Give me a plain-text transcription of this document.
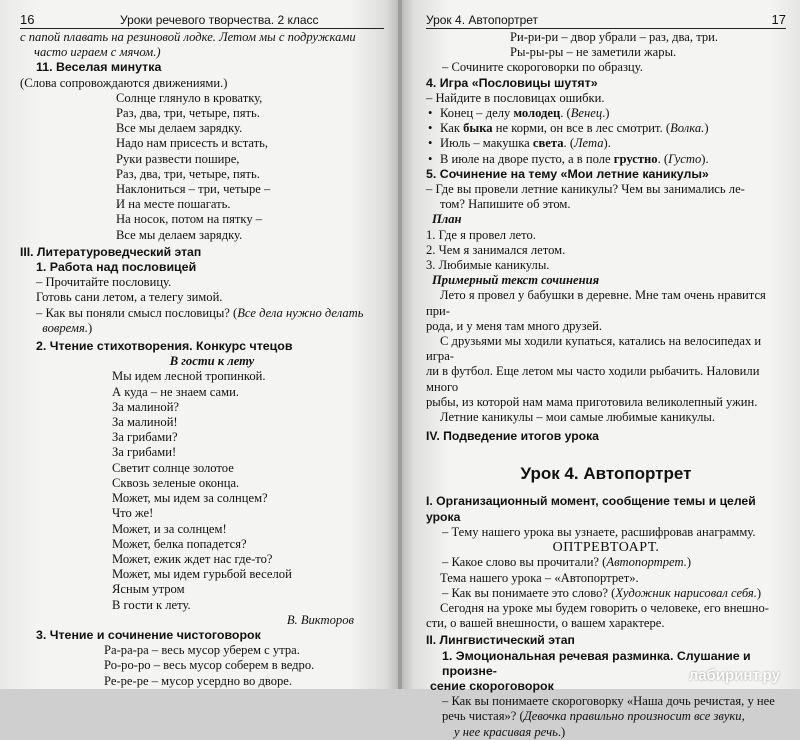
16	Уроки речевого творчества. 2 класс

с папой плавать на резиновой лодке. Летом мы с подружками

часто играем с мячом.)

11. Веселая минутка

(Слова сопровождаются движениями.)

Солнце глянуло в кроватку,

Раз, два, три, четыре, пять.

Все мы делаем зарядку.

Надо нам присесть и встать,

Руки развести пошире,

Раз, два, три, четыре, пять.

Наклониться – три, четыре –

И на месте пошагать.

На носок, потом на пятку –

Все мы делаем зарядку.

III. Литературоведческий этап

1. Работа над пословицей

– Прочитайте пословицу.

Готовь сани летом, а телегу зимой.

– Как вы поняли смысл пословицы? (Все дела нужно делать

вовремя.)

2. Чтение стихотворения. Конкурс чтецов

В гости к лету

Мы идем лесной тропинкой.

А куда – не знаем сами.

За малиной?

За малиной!

За грибами?

За грибами!

Светит солнце золотое

Сквозь зеленые оконца.

Может, мы идем за солнцем?

Что же!

Может, и за солнцем!

Может, белка попадется?

Может, ежик ждет нас где-то?

Может, мы идем гурьбой веселой

Ясным утром

В гости к лету.

В. Викторов

3. Чтение и сочинение чистоговорок

Ра-ра-ра – весь мусор уберем с утра.

Ро-ро-ро – весь мусор соберем в ведро.

Ре-ре-ре – мусор усердно во дворе.

Урок 4. Автопортрет	17

Ри-ри-ри – двор убрали – раз, два, три.

Ры-ры-ры – не заметили жары.

– Сочините скороговорки по образцу.

4. Игра «Пословицы шутят»

– Найдите в пословицах ошибки.

• Конец – делу молодец. (Венец.)

• Как быка не корми, он все в лес смотрит. (Волка.)

• Июль – макушка света. (Лета).

• В июле на дворе пусто, а в поле грустно. (Густо).

5. Сочинение на тему «Мои летние каникулы»

– Где вы провели летние каникулы? Чем вы занимались ле-

том? Напишите об этом.

План

1. Где я провел лето.

2. Чем я занимался летом.

3. Любимые каникулы.

Примерный текст сочинения

Лето я провел у бабушки в деревне. Мне там очень нравится при-

рода, и у меня там много друзей.

С друзьями мы ходили купаться, катались на велосипедах и игра-

ли в футбол. Еще летом мы часто ходили рыбачить. Наловили много

рыбы, из которой нам мама приготовила великолепный ужин.

Летние каникулы – мои самые любимые каникулы.

IV. Подведение итогов урока

Урок 4. Автопортрет

I. Организационный момент, сообщение темы и целей урока

– Тему нашего урока вы узнаете, расшифровав анаграмму.

ОПТРЕВТОАРТ.

– Какое слово вы прочитали? (Автопортрет.)

Тема нашего урока – «Автопортрет».

– Как вы понимаете это слово? (Художник нарисовал себя.)

Сегодня на уроке мы будем говорить о человеке, его внешно-

сти, о вашей внешности, о вашем характере.

II. Лингвистический этап

1. Эмоциональная речевая разминка. Слушание и произне-

сение скороговорок

– Как вы понимаете скороговорку «Наша дочь речистая, у нее

речь чистая»? (Девочка правильно произносит все звуки,

у нее красивая речь.)

лабиринт.ру
